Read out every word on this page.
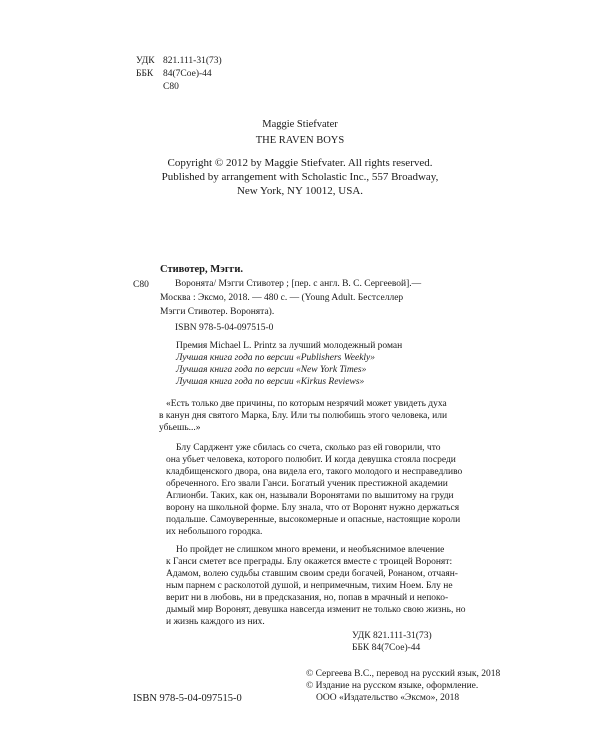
УДК 821.111-31(73)
ББК 84(7Сое)-44
С80
Maggie Stiefvater
THE RAVEN BOYS
Copyright © 2012 by Maggie Stiefvater. All rights reserved.
Published by arrangement with Scholastic Inc., 557 Broadway,
New York, NY 10012, USA.
Стивотер, Мэгги.
С80	Воронята/ Мэгги Стивотер ; [пер. с англ. В. С. Сергеевой].—
Москва : Эксмо, 2018. — 480 с. — (Young Adult. Бестселлер
Мэгги Стивотер. Воронята).
ISBN 978-5-04-097515-0
Премия Michael L. Printz за лучший молодежный роман
Лучшая книга года по версии «Publishers Weekly»
Лучшая книга года по версии «New York Times»
Лучшая книга года по версии «Kirkus Reviews»
«Есть только две причины, по которым незрячий может увидеть духа
в канун дня святого Марка, Блу. Или ты полюбишь этого человека, или
убьешь...»
Блу Сарджент уже сбилась со счета, сколько раз ей говорили, что
она убьет человека, которого полюбит. И когда девушка стояла посреди
кладбищенского двора, она видела его, такого молодого и несправедливо
обреченного. Его звали Ганси. Богатый ученик престижной академии
Аглионби. Таких, как он, называли Воронятами по вышитому на груди
ворону на школьной форме. Блу знала, что от Воронят нужно держаться
подальше. Самоуверенные, высокомерные и опасные, настоящие короли
их небольшого городка.
Но пройдет не слишком много времени, и необъяснимое влечение
к Ганси сметет все преграды. Блу окажется вместе с троицей Воронят:
Адамом, волею судьбы ставшим своим среди богачей, Ронаном, отчаян-
ным парнем с расколотой душой, и непримечным, тихим Ноем. Блу не
верит ни в любовь, ни в предсказания, но, попав в мрачный и непоко-
дымый мир Воронят, девушка навсегда изменит не только свою жизнь, но
и жизнь каждого из них.
УДК 821.111-31(73)
ББК 84(7Сое)-44
ISBN 978-5-04-097515-0
© Сергеева В.С., перевод на русский язык, 2018
© Издание на русском языке, оформление.
ООО «Издательство «Эксмо», 2018
